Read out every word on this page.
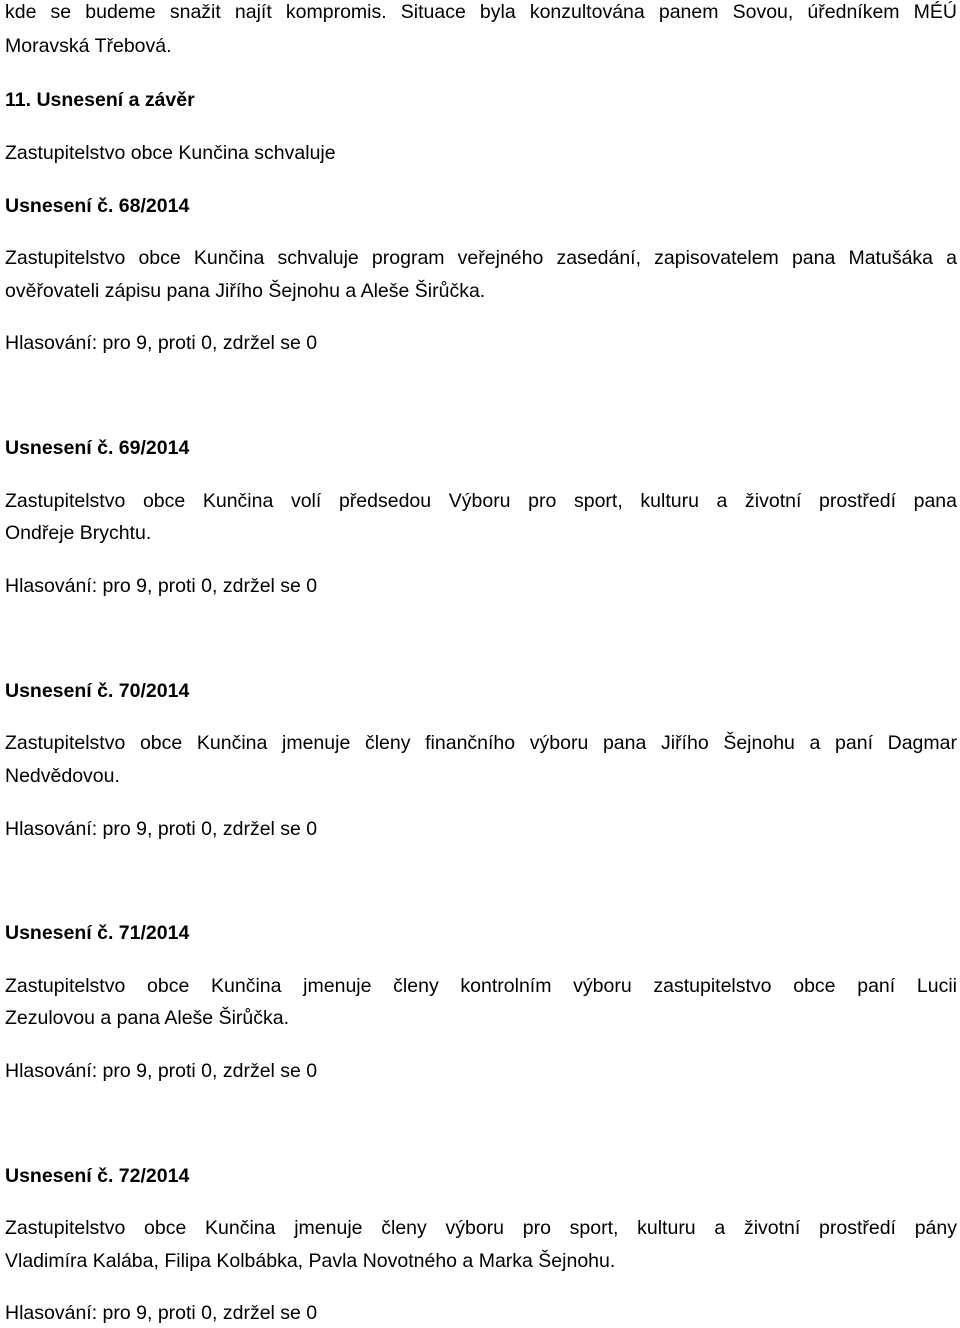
kde se budeme snažit najít kompromis. Situace byla konzultována panem Sovou, úředníkem MÉÚ
Moravská Třebová.
11. Usnesení a závěr
Zastupitelstvo obce Kunčina schvaluje
Usnesení č. 68/2014
Zastupitelstvo obce Kunčina schvaluje program veřejného zasedání, zapisovatelem pana Matušáka a
ověřovateli zápisu pana Jiřího Šejnohu a Aleše Širůčka.
Hlasování: pro 9, proti 0, zdržel se 0
Usnesení č. 69/2014
Zastupitelstvo obce Kunčina volí předsedou Výboru pro sport, kulturu a životní prostředí pana
Ondřeje Brychtu.
Hlasování: pro 9, proti 0, zdržel se 0
Usnesení č. 70/2014
Zastupitelstvo obce Kunčina jmenuje členy finančního výboru pana Jiřího Šejnohu a paní Dagmar
Nedvědovou.
Hlasování: pro 9, proti 0, zdržel se 0
Usnesení č. 71/2014
Zastupitelstvo obce Kunčina jmenuje členy kontrolním výboru zastupitelstvo obce paní Lucii
Zezulovou a pana Aleše Širůčka.
Hlasování: pro 9, proti 0, zdržel se 0
Usnesení č. 72/2014
Zastupitelstvo obce Kunčina jmenuje členy výboru pro sport, kulturu a životní prostředí pány
Vladimíra Kalába, Filipa Kolbábka, Pavla Novotného a Marka Šejnohu.
Hlasování: pro 9, proti 0, zdržel se 0
